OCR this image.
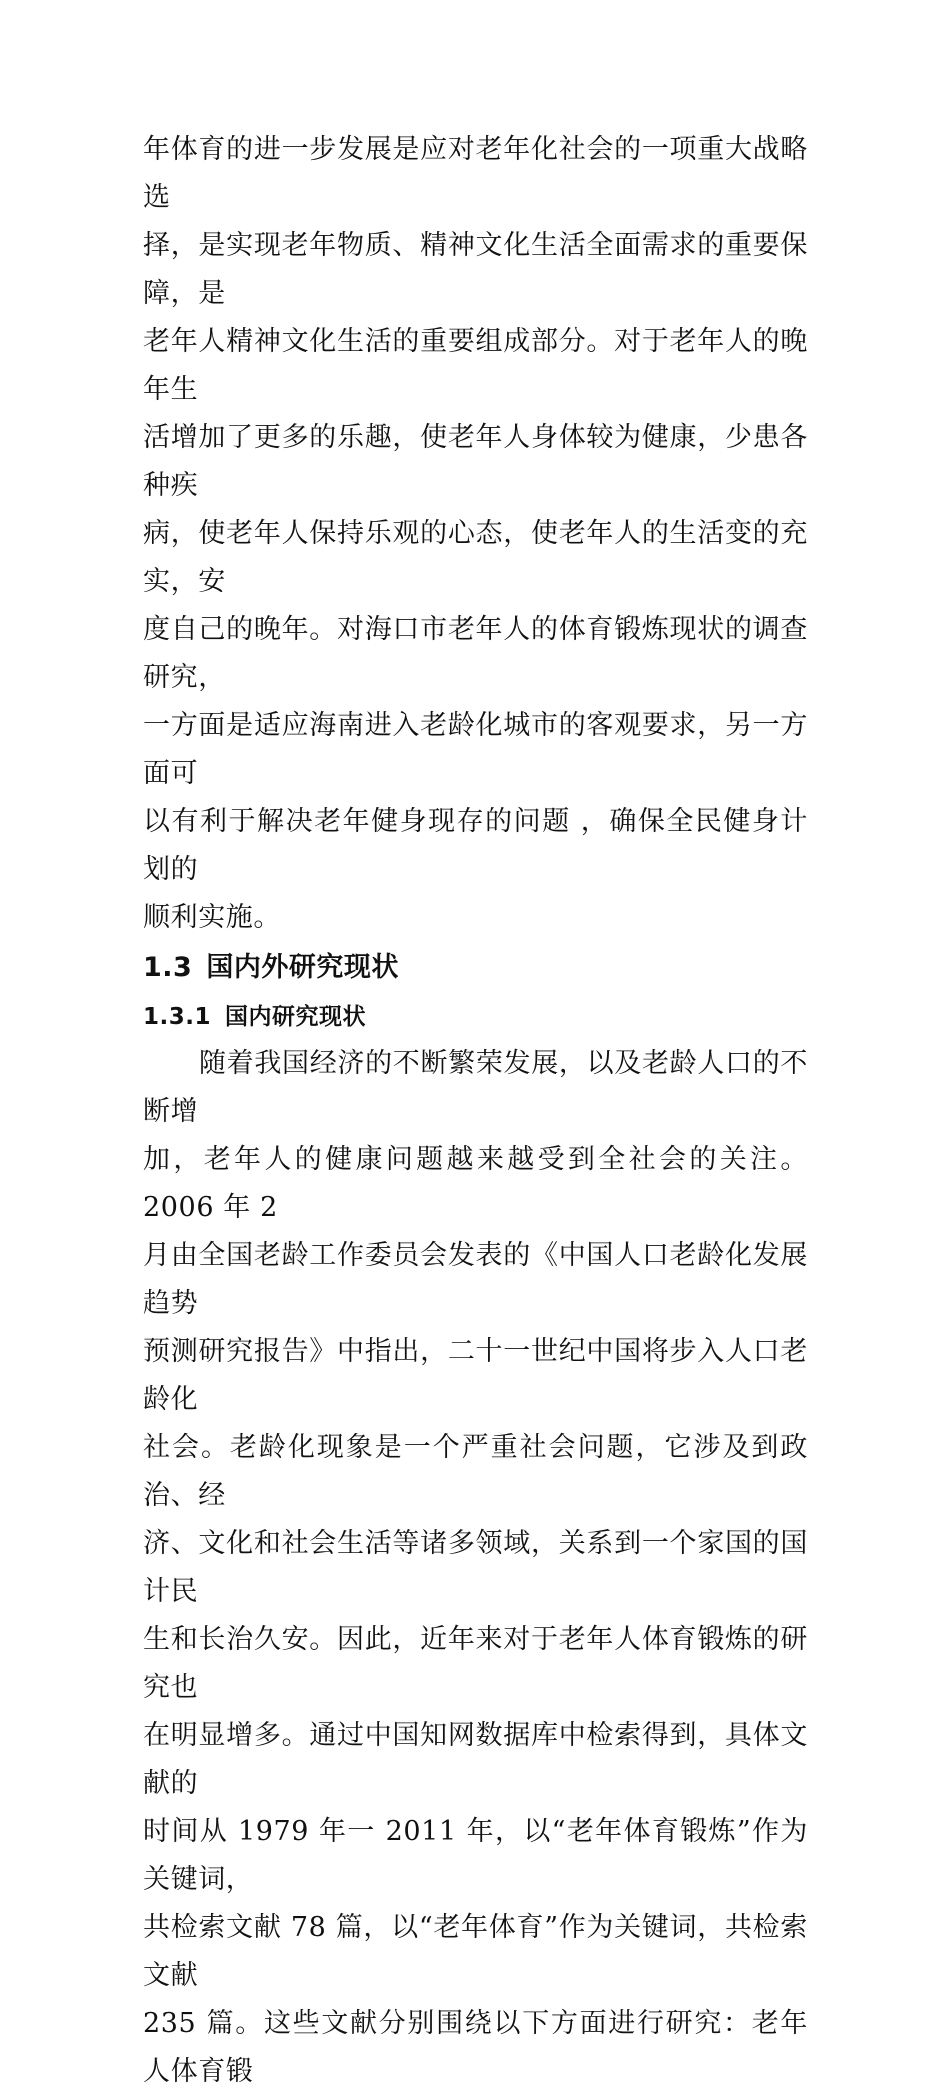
年体育的进一步发展是应对老年化社会的一项重大战略选

择，是实现老年物质、精神文化生活全面需求的重要保障，是

老年人精神文化生活的重要组成部分。对于老年人的晚年生

活增加了更多的乐趣，使老年人身体较为健康，少患各种疾

病，使老年人保持乐观的心态，使老年人的生活变的充实，安

度自己的晚年。对海口市老年人的体育锻炼现状的调查研究，

一方面是适应海南进入老龄化城市的客观要求，另一方面可

以有利于解决老年健身现存的问题 ，确保全民健身计划的

顺利实施。

1.3 国内外研究现状
1.3.1 国内研究现状

随着我国经济的不断繁荣发展，以及老龄人口的不断增

加，老年人的健康问题越来越受到全社会的关注。2006 年 2

月由全国老龄工作委员会发表的《中国人口老龄化发展趋势

预测研究报告》中指出，二十一世纪中国将步入人口老龄化

社会。老龄化现象是一个严重社会问题，它涉及到政治、经

济、文化和社会生活等诸多领域，关系到一个家国的国计民

生和长治久安。因此，近年来对于老年人体育锻炼的研究也

在明显增多。通过中国知网数据库中检索得到，具体文献的

时间从 1979 年一 2011 年，以“老年体育锻炼”作为关键词，

共检索文献 78 篇，以“老年体育”作为关键词，共检索文献

235 篇。这些文献分别围绕以下方面进行研究：老年人体育锻
